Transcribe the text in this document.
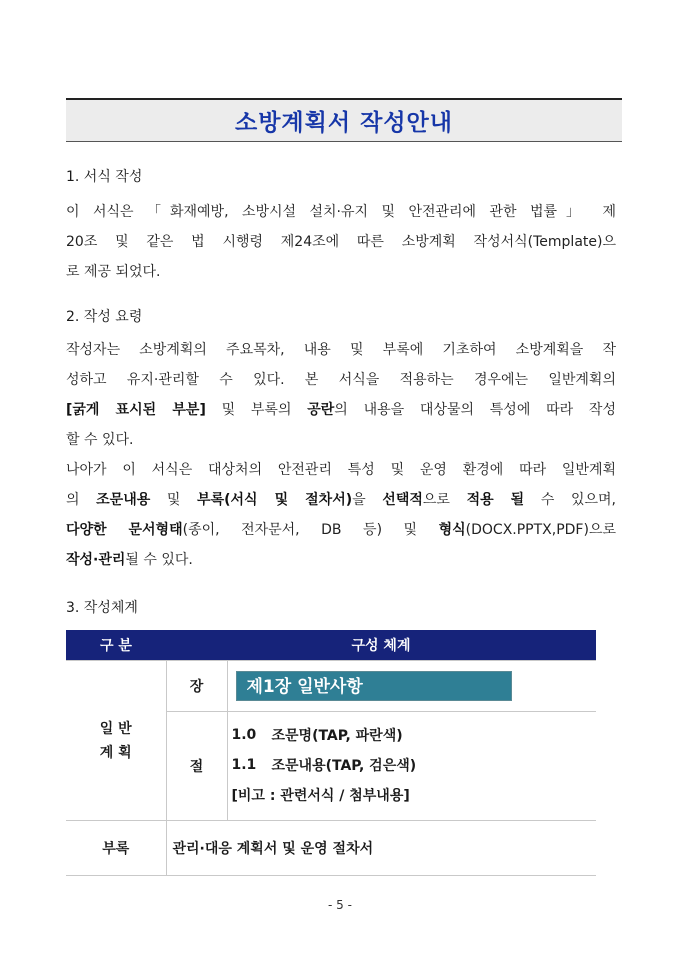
소방계획서 작성안내
1. 서식 작성
이 서식은 「화재예방, 소방시설 설치·유지 및 안전관리에 관한 법률」 제
20조 및 같은 법 시행령 제24조에 따른 소방계획 작성서식(Template)으
로 제공 되었다.
2. 작성 요령
작성자는 소방계획의 주요목차, 내용 및 부록에 기초하여 소방계획을 작
성하고 유지·관리할 수 있다. 본 서식을 적용하는 경우에는 일반계획의
[굵게 표시된 부분] 및 부록의 공란의 내용을 대상물의 특성에 따라 작성
할 수 있다.
나아가 이 서식은 대상처의 안전관리 특성 및 운영 환경에 따라 일반계획
의 조문내용 및 부록(서식 및 절차서)을 선택적으로 적용 될 수 있으며,
다양한 문서형태(종이, 전자문서, DB 등) 및 형식(DOCX.PPTX,PDF)으로
작성·관리될 수 있다.
3. 작성체계
구 분	구성 체계	

일 반
계 획	장	제1장 일반사항
	절	1.0 조문명(TAP, 파란색)
1.1 조문내용(TAP, 검은색)
[비고 : 관련서식 / 첨부내용]

부록	관리·대응 계획서 및 운영 절차서	
- 5 -
